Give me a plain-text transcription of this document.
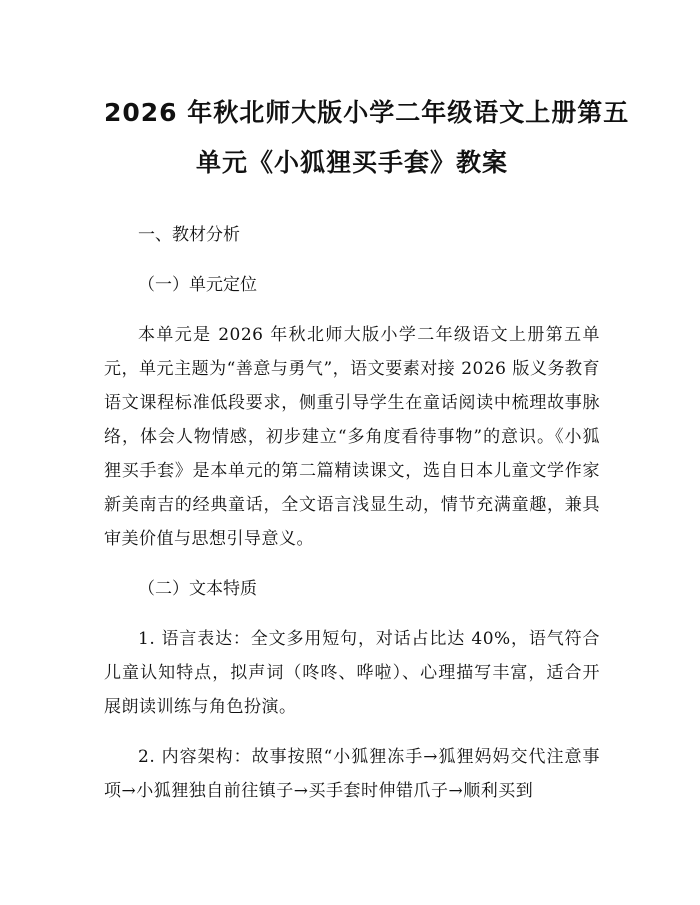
2026 年秋北师大版小学二年级语文上册第五
单元《小狐狸买手套》教案

一、教材分析

（一）单元定位

本单元是 2026 年秋北师大版小学二年级语文上册第五单元，单元主题为“善意与勇气”，语文要素对接 2026 版义务教育语文课程标准低段要求，侧重引导学生在童话阅读中梳理故事脉络，体会人物情感，初步建立“多角度看待事物”的意识。《小狐狸买手套》是本单元的第二篇精读课文，选自日本儿童文学作家新美南吉的经典童话，全文语言浅显生动，情节充满童趣，兼具审美价值与思想引导意义。

（二）文本特质

1. 语言表达：全文多用短句，对话占比达 40%，语气符合儿童认知特点，拟声词（咚咚、哗啦）、心理描写丰富，适合开展朗读训练与角色扮演。

2. 内容架构：故事按照“小狐狸冻手→狐狸妈妈交代注意事项→小狐狸独自前往镇子→买手套时伸错爪子→顺利买到
